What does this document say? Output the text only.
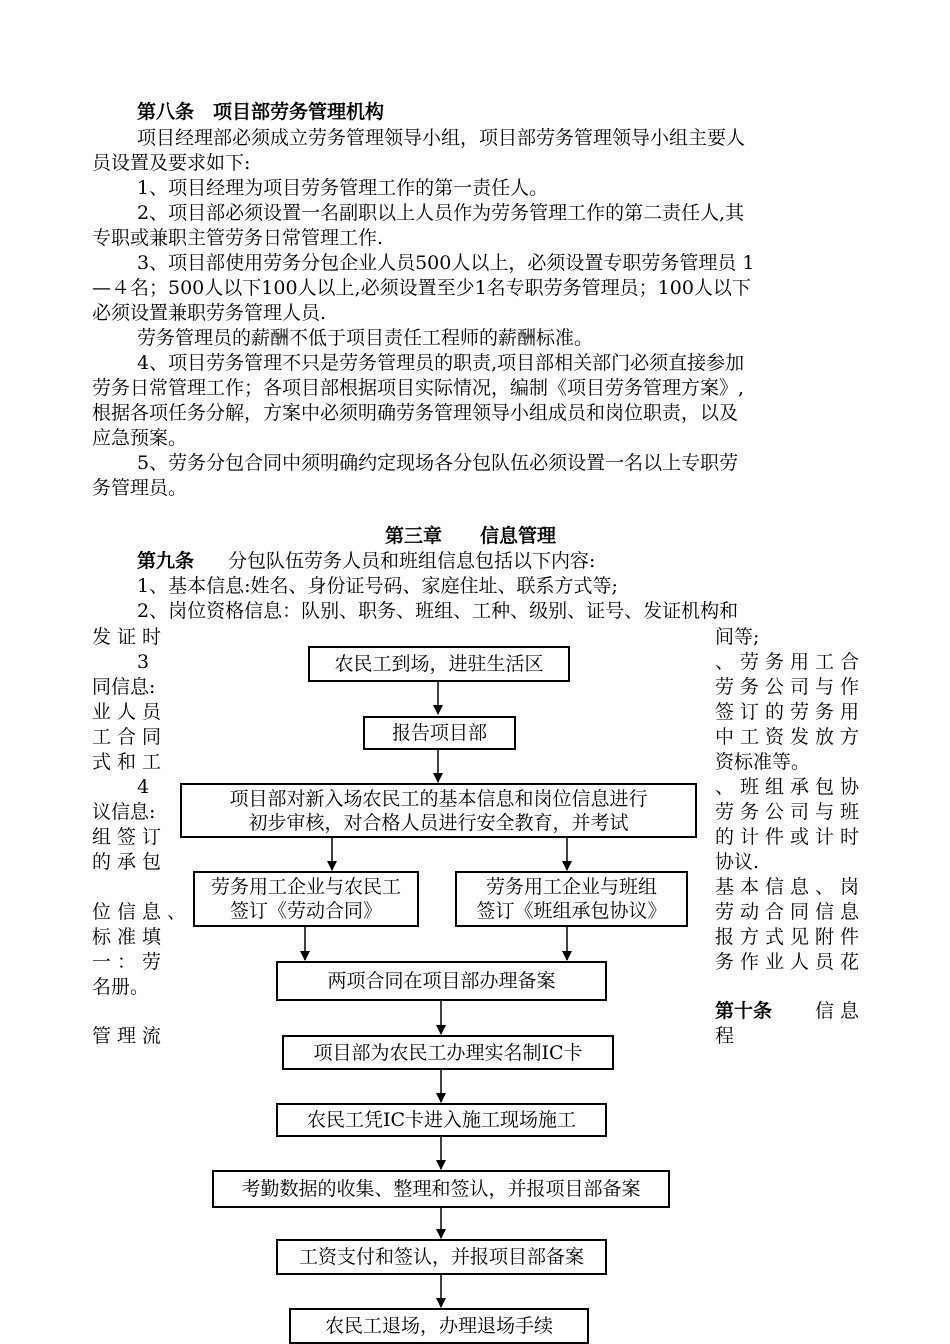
第八条　项目部劳务管理机构
项目经理部必须成立劳务管理领导小组，项目部劳务管理领导小组主要人
员设置及要求如下:
1、项目经理为项目劳务管理工作的第一责任人。
2、项目部必须设置一名副职以上人员作为劳务管理工作的第二责任人,其
专职或兼职主管劳务日常管理工作.
3、项目部使用劳务分包企业人员500人以上，必须设置专职劳务管理员 1
—４名；500人以下100人以上,必须设置至少1名专职劳务管理员；100人以下
必须设置兼职劳务管理人员.
劳务管理员的薪酬不低于项目责任工程师的薪酬标准。
4、项目劳务管理不只是劳务管理员的职责,项目部相关部门必须直接参加
劳务日常管理工作；各项目部根据项目实际情况，编制《项目劳务管理方案》,
根据各项任务分解，方案中必须明确劳务管理领导小组成员和岗位职责，以及
应急预案。
5、劳务分包合同中须明确约定现场各分包队伍必须设置一名以上专职劳
务管理员。
第三章　　信息管理
第九条 分包队伍劳务人员和班组信息包括以下内容:
1、基本信息:姓名、身份证号码、家庭住址、联系方式等;
2、岗位资格信息：队别、职务、班组、工种、级别、证号、发证机构和
发证时
3
同信息:
业人员
工合同
式和工
4
议信息:
组签订
的承包
位信息、
标准填
一：劳
名册。
管理流
间等;
、劳务用工合
劳务公司与作
签订的劳务用
中工资发放方
资标准等。
、班组承包协
劳务公司与班
的计件或计时
协议.
基本信息、岗
劳动合同信息
报方式见附件
务作业人员花
第十条 信息
程
农民工到场，进驻生活区
报告项目部
项目部对新入场农民工的基本信息和岗位信息进行
初步审核，对合格人员进行安全教育，并考试
劳务用工企业与农民工
签订《劳动合同》
劳务用工企业与班组
签订《班组承包协议》
两项合同在项目部办理备案
项目部为农民工办理实名制IC卡
农民工凭IC卡进入施工现场施工
考勤数据的收集、整理和签认，并报项目部备案
工资支付和签认，并报项目部备案
农民工退场，办理退场手续
